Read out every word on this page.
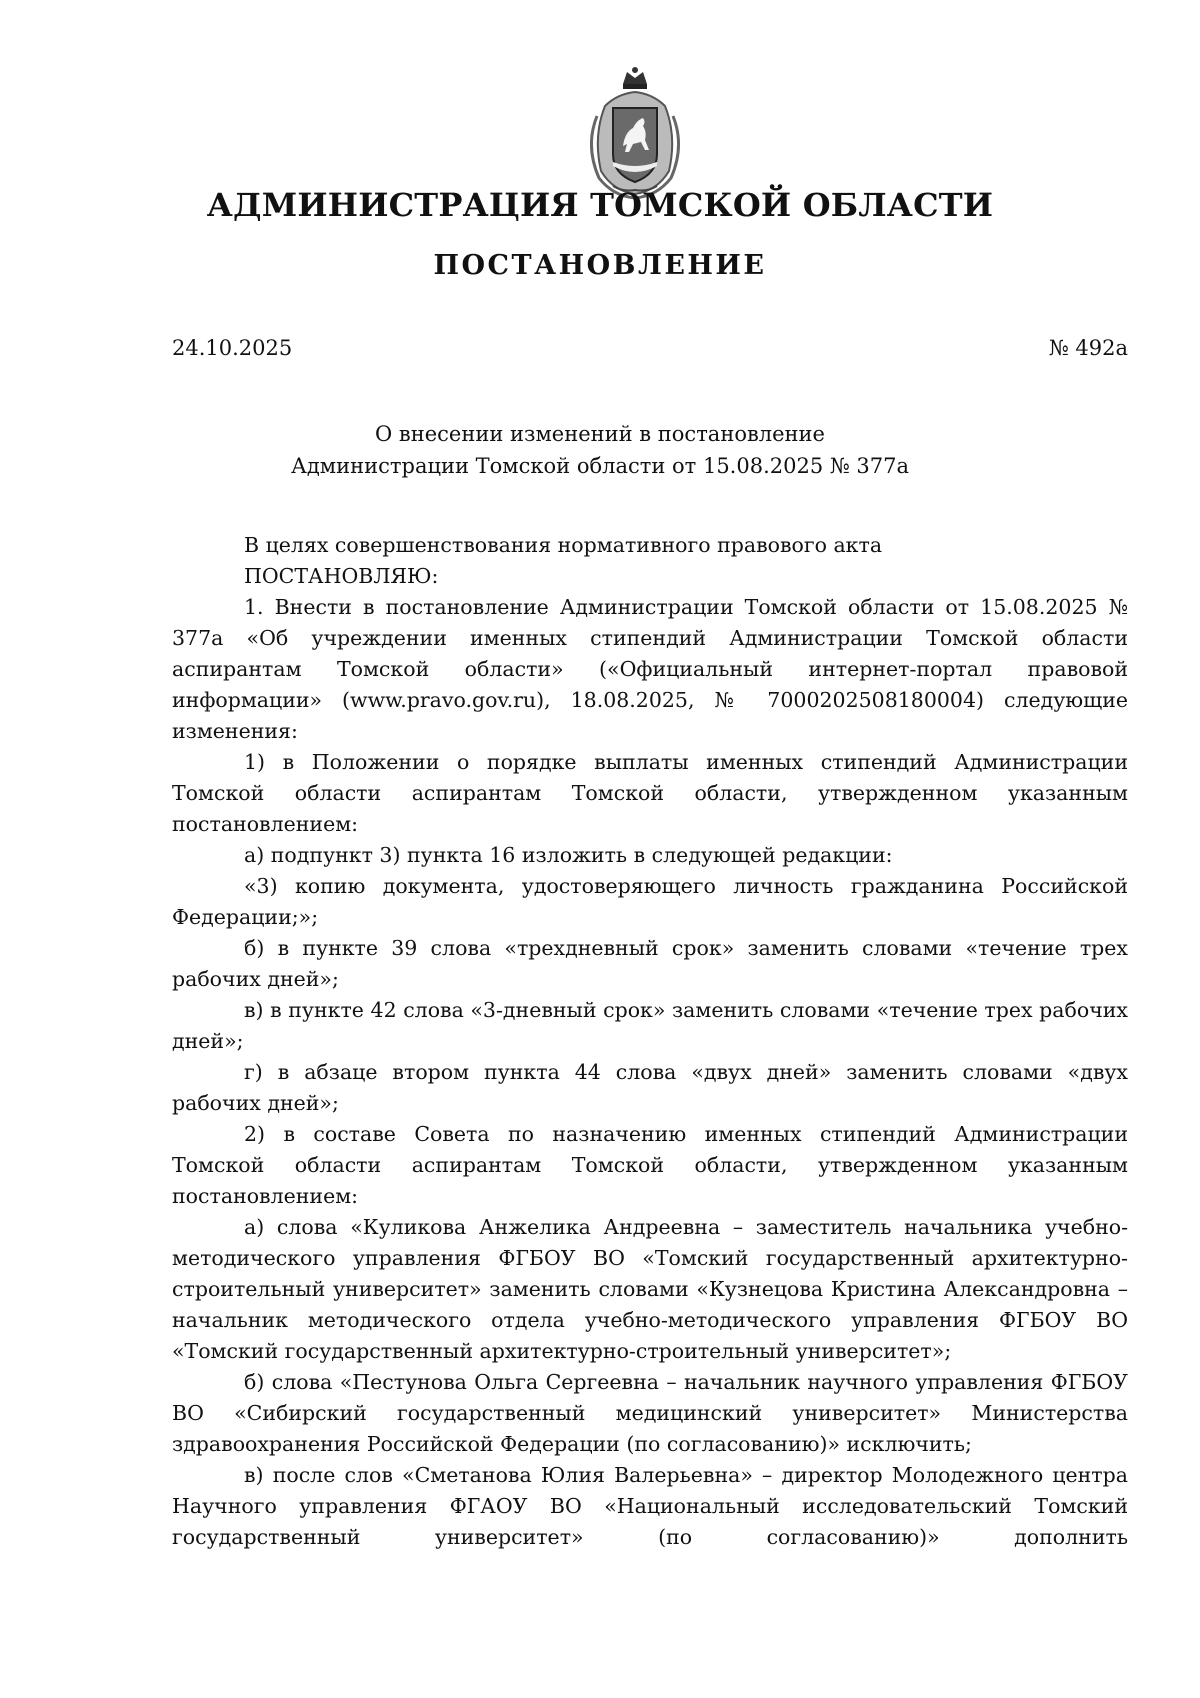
АДМИНИСТРАЦИЯ ТОМСКОЙ ОБЛАСТИ
ПОСТАНОВЛЕНИЕ
24.10.2025	№ 492а
О внесении изменений в постановление
Администрации Томской области от 15.08.2025 № 377а

В целях совершенствования нормативного правового акта

ПОСТАНОВЛЯЮ:

1. Внести в постановление Администрации Томской области от 15.08.2025 № 377а «Об учреждении именных стипендий Администрации Томской области аспирантам Томской области» («Официальный интернет-портал правовой информации» (www.pravo.gov.ru), 18.08.2025, № 7000202508180004) следующие изменения:

1) в Положении о порядке выплаты именных стипендий Администрации Томской области аспирантам Томской области, утвержденном указанным постановлением:

а) подпункт 3) пункта 16 изложить в следующей редакции:

«3) копию документа, удостоверяющего личность гражданина Российской Федерации;»;

б) в пункте 39 слова «трехдневный срок» заменить словами «течение трех рабочих дней»;

в) в пункте 42 слова «3-дневный срок» заменить словами «течение трех рабочих дней»;

г) в абзаце втором пункта 44 слова «двух дней» заменить словами «двух рабочих дней»;

2) в составе Совета по назначению именных стипендий Администрации Томской области аспирантам Томской области, утвержденном указанным постановлением:

а) слова «Куликова Анжелика Андреевна – заместитель начальника учебно-методического управления ФГБОУ ВО «Томский государственный архитектурно-строительный университет» заменить словами «Кузнецова Кристина Александровна – начальник методического отдела учебно-методического управления ФГБОУ ВО «Томский государственный архитектурно-строительный университет»;

б) слова «Пестунова Ольга Сергеевна – начальник научного управления ФГБОУ ВО «Сибирский государственный медицинский университет» Министерства здравоохранения Российской Федерации (по согласованию)» исключить;

в) после слов «Сметанова Юлия Валерьевна» – директор Молодежного центра Научного управления ФГАОУ ВО «Национальный исследовательский Томский государственный университет» (по согласованию)» дополнить
